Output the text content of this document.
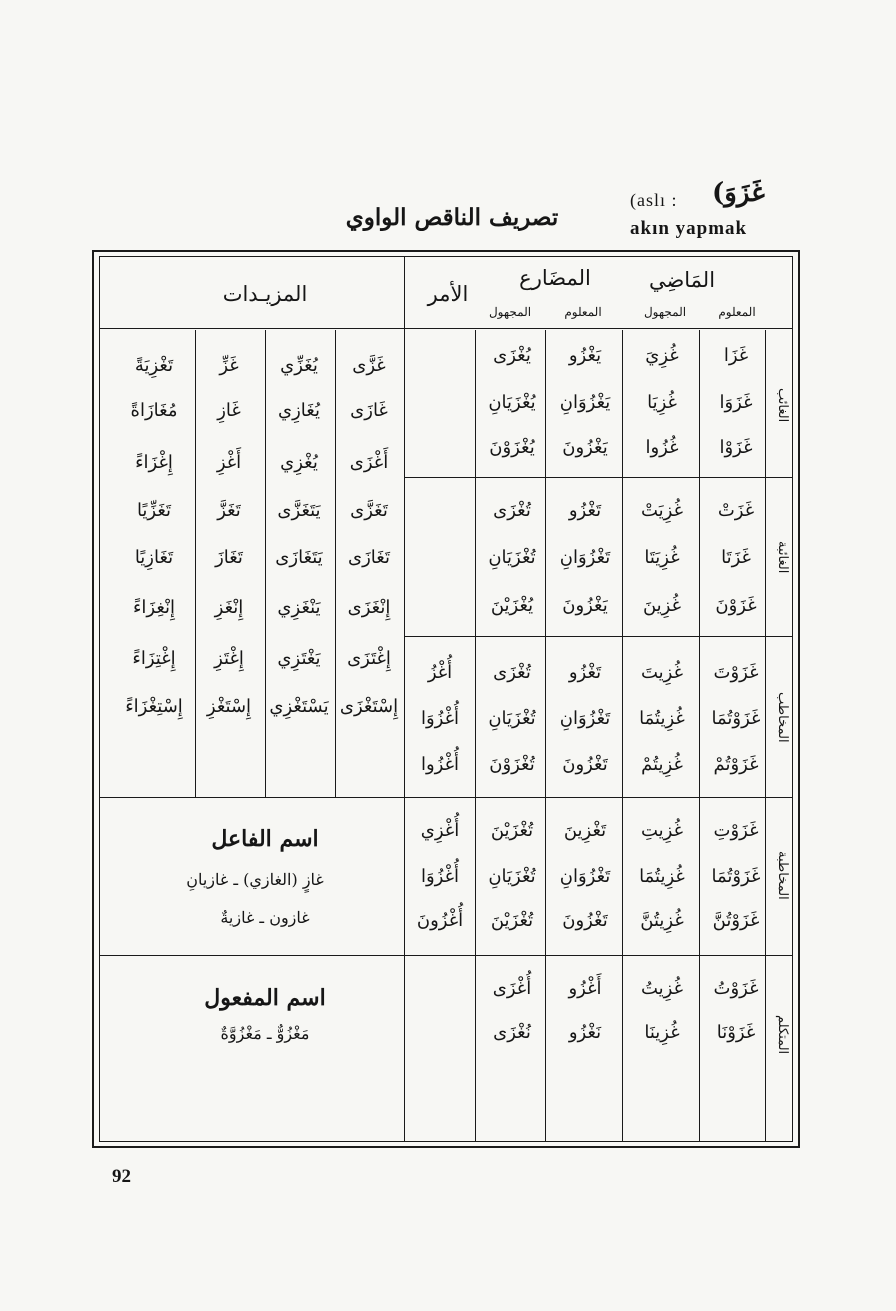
(aslı : غَزَوَ)
akın yapmak
تصريف الناقص الواوي
المَاضِي
المضَارع
الأمر
المزيـدات
المعلوم
المجهول
المعلوم
المجهول
الغائب
الغائبة
المخاطب
المخاطبة
المتكلم
غَزَا
غَزَوَا
غَزَوْا
غُزِيَ
غُزِيَا
غُزُوا
يَغْزُو
يَغْزُوَانِ
يَغْزُونَ
يُغْزَى
يُغْزَيَانِ
يُغْزَوْنَ
غَزَتْ
غَزَتَا
غَزَوْنَ
غُزِيَتْ
غُزِيَتَا
غُزِينَ
تَغْزُو
تَغْزُوَانِ
يَغْزُونَ
تُغْزَى
تُغْزَيَانِ
يُغْزَيْنَ
غَزَوْتَ
غَزَوْتُمَا
غَزَوْتُمْ
غُزِيتَ
غُزِيتُمَا
غُزِيتُمْ
تَغْزُو
تَغْزُوَانِ
تَغْزُونَ
تُغْزَى
تُغْزَيَانِ
تُغْزَوْنَ
أُغْزُ
أُغْزُوَا
أُغْزُوا
غَزَوْتِ
غَزَوْتُمَا
غَزَوْتُنَّ
غُزِيتِ
غُزِيتُمَا
غُزِيتُنَّ
تَغْزِينَ
تَغْزُوَانِ
تَغْزُونَ
تُغْزَيْنَ
تُغْزَيَانِ
تُغْزَيْنَ
أُغْزِي
أُغْزُوَا
أُغْزُونَ
غَزَوْتُ
غَزَوْنَا
غُزِيتُ
غُزِينَا
أَغْزُو
نَغْزُو
أُغْزَى
نُغْزَى
غَزَّى
غَازَى
أَغْزَى
تَغَزَّى
تَغَازَى
إِنْغَزَى
إِغْتَزَى
إِسْتَغْزَى
يُغَزِّي
يُغَازِي
يُغْزِي
يَتَغَزَّى
يَتَغَازَى
يَنْغَزِي
يَغْتَزِي
يَسْتَغْزِي
غَزِّ
غَازِ
أَغْزِ
تَغَزَّ
تَغَازَ
إِنْغَزِ
إِغْتَزِ
إِسْتَغْزِ
تَغْزِيَةً
مُغَازَاةً
إِغْزَاءً
تَغَزِّيًا
تَغَازِيًا
إِنْغِزَاءً
إِغْتِزَاءً
إِسْتِغْزَاءً
اسم الفاعل
غازٍ (الغازي) ـ غازيانِ
غازون ـ غازيةٌ
اسم المفعول
مَغْزُوٌّ ـ مَغْزُوَّةٌ
92
